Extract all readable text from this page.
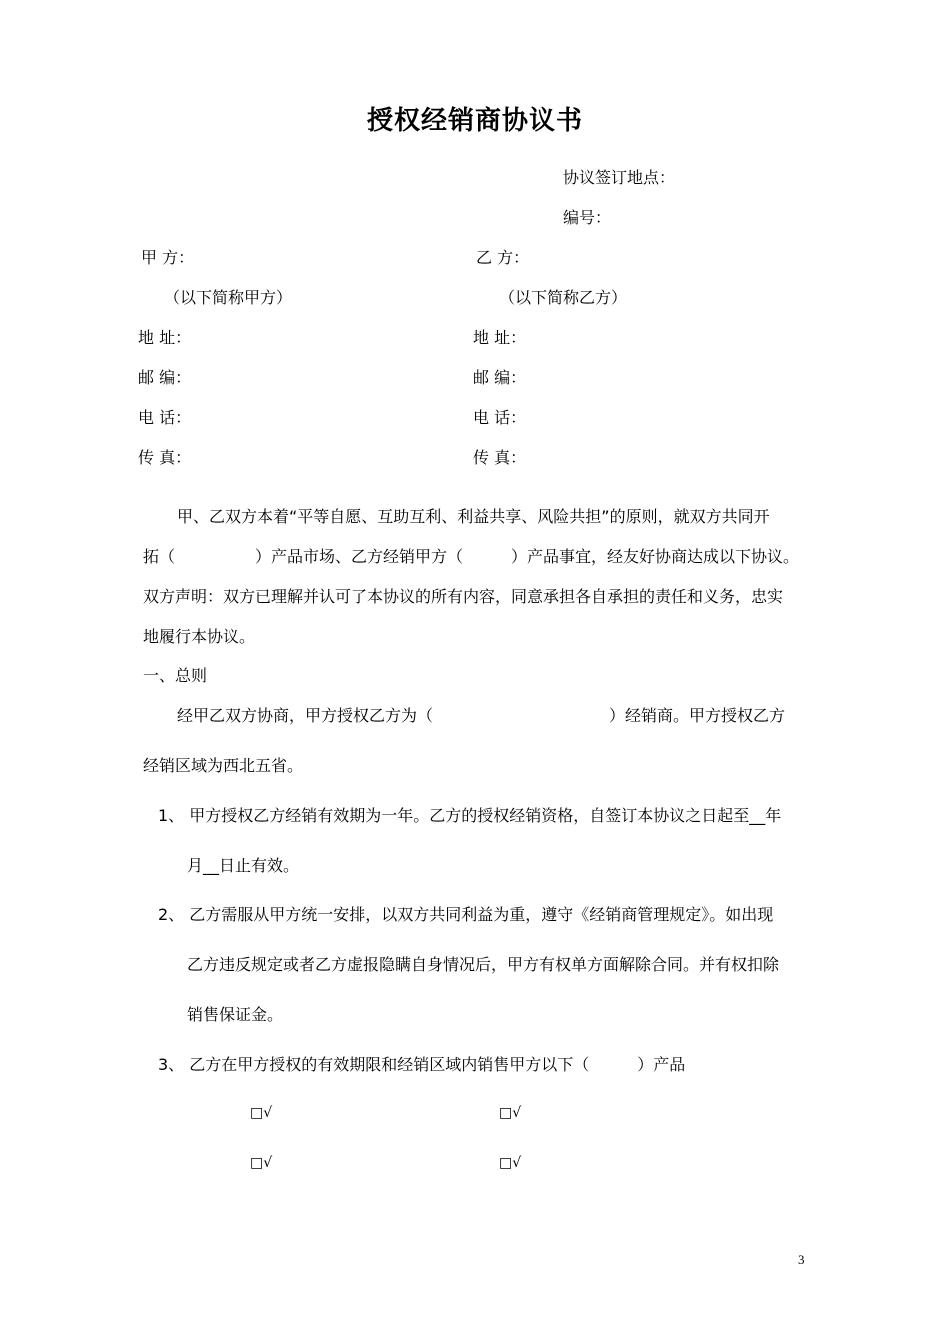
授权经销商协议书
协议签订地点：
编号：
甲 方：
（以下简称甲方）
地 址：
邮 编：
电 话：
传 真：
乙 方：
（以下简称乙方）
地 址：
邮 编：
电 话：
传 真：
甲、乙双方本着“平等自愿、互助互利、利益共享、风险共担”的原则，就双方共同开
拓（　　　　　）产品市场、乙方经销甲方（　　　）产品事宜，经友好协商达成以下协议。
双方声明：双方已理解并认可了本协议的所有内容，同意承担各自承担的责任和义务，忠实
地履行本协议。
一、总则
经甲乙双方协商，甲方授权乙方为（　　　　　　　　　　　）经销商。甲方授权乙方
经销区域为西北五省。
1、 甲方授权乙方经销有效期为一年。乙方的授权经销资格，自签订本协议之日起至__年
月__日止有效。
2、 乙方需服从甲方统一安排，以双方共同利益为重，遵守《经销商管理规定》。如出现
乙方违反规定或者乙方虚报隐瞒自身情况后，甲方有权单方面解除合同。并有权扣除
销售保证金。
3、 乙方在甲方授权的有效期限和经销区域内销售甲方以下（　　　）产品
□√	□√
□√	□√
3
